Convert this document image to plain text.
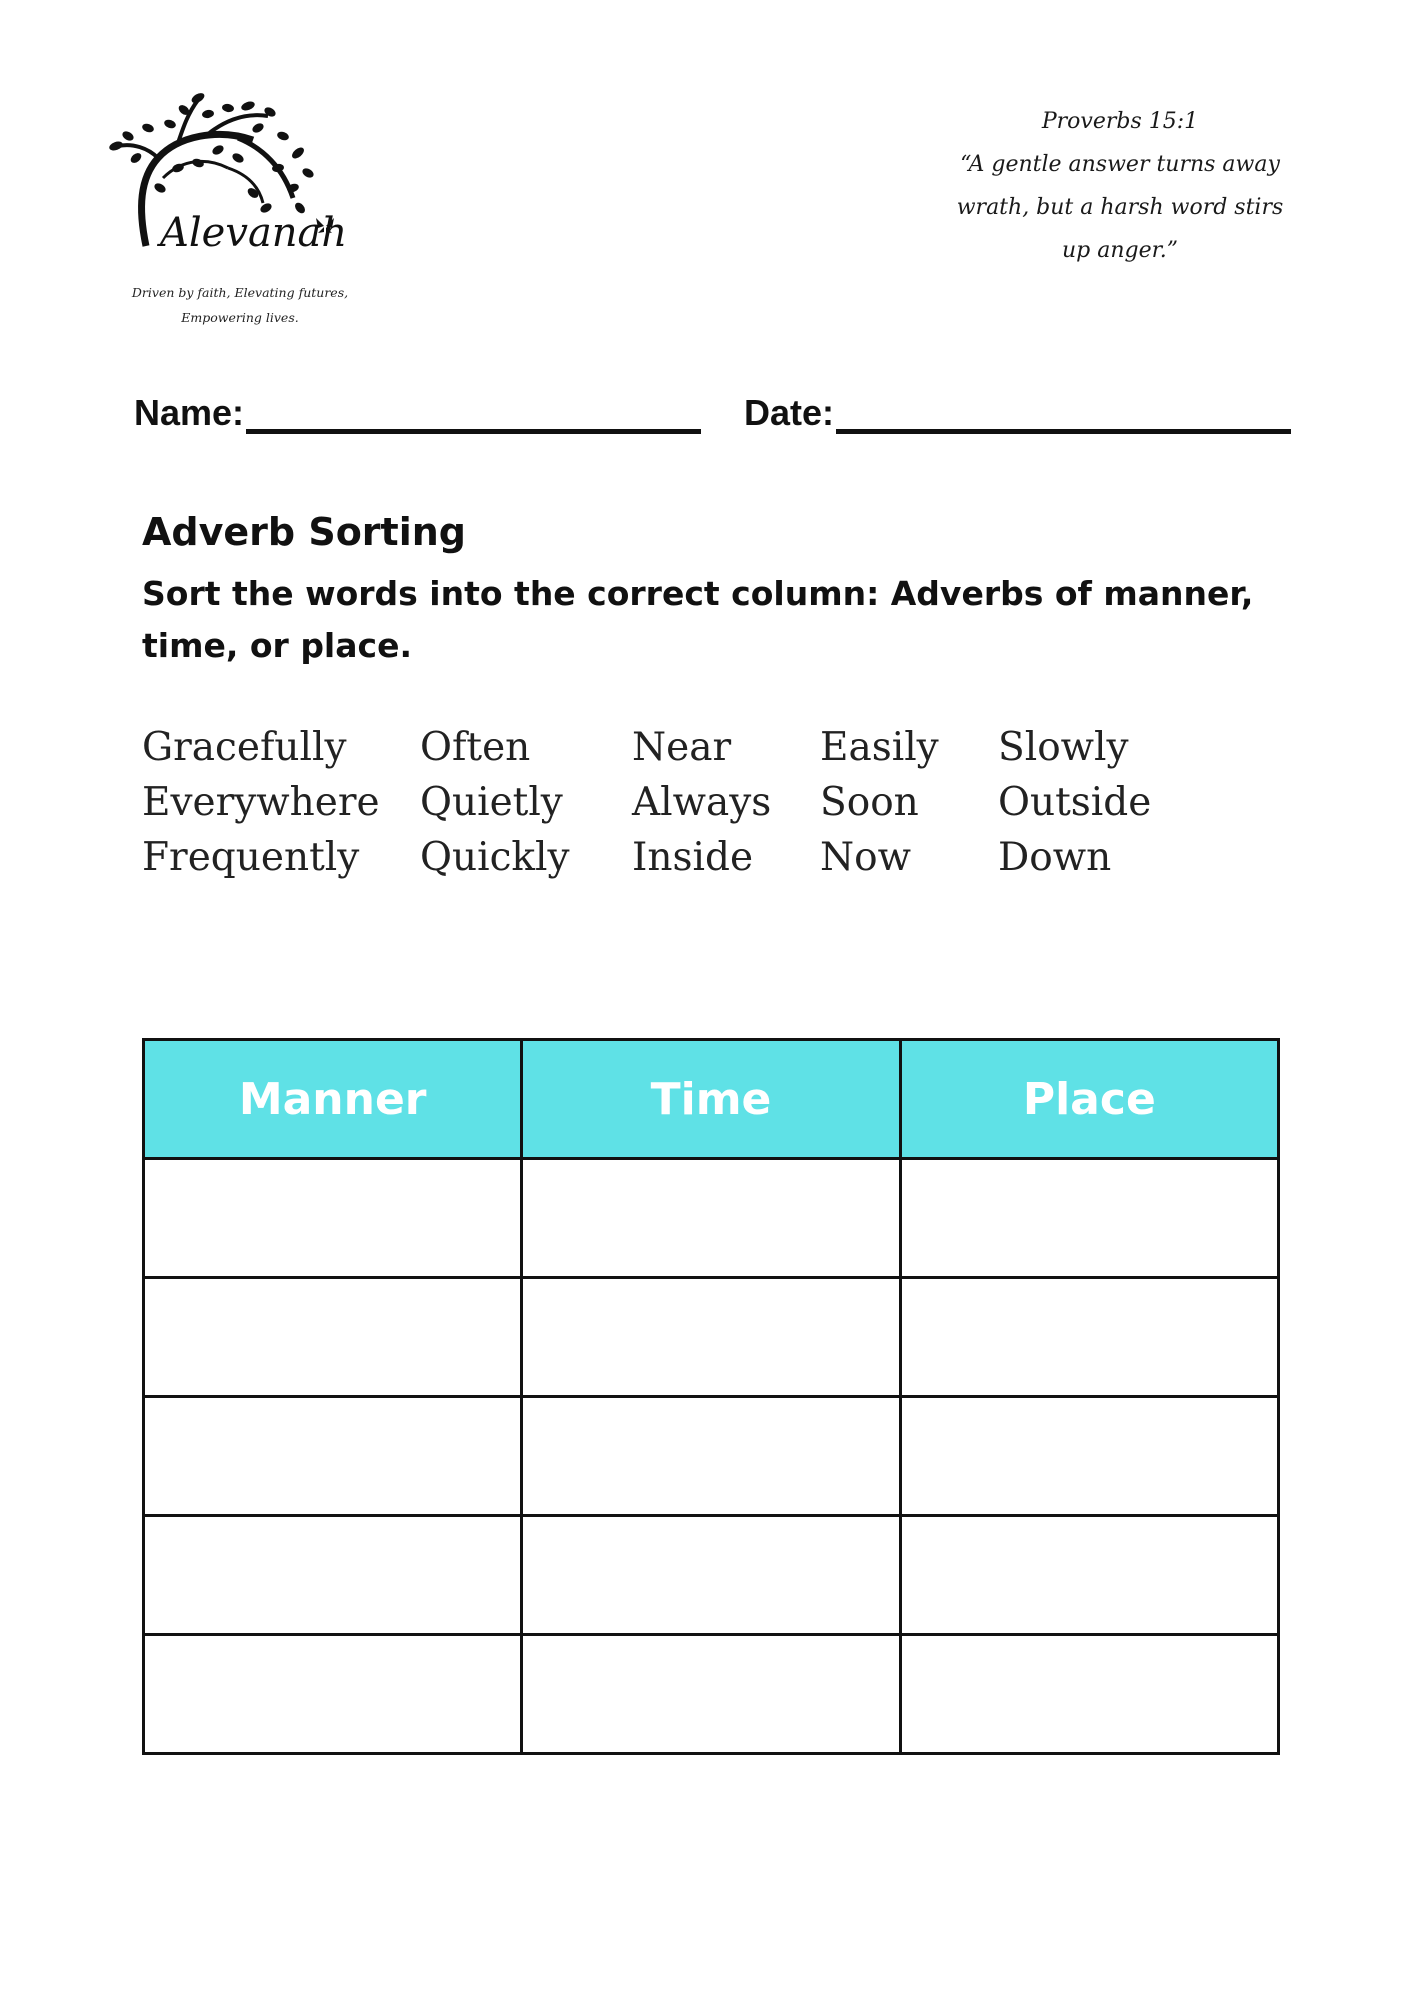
Alevanah
Driven by faith, Elevating futures,
Empowering lives.
Proverbs 15:1
“A gentle answer turns away
wrath, but a harsh word stirs
up anger.”
Name:	Date:
Adverb Sorting
Sort the words into the correct column: Adverbs of manner, time, or place.
Gracefully Often	Near Easily Slowly
Everywhere Quietly Always Soon Outside
Frequently Quickly Inside Now Down
Manner	Time	Place
